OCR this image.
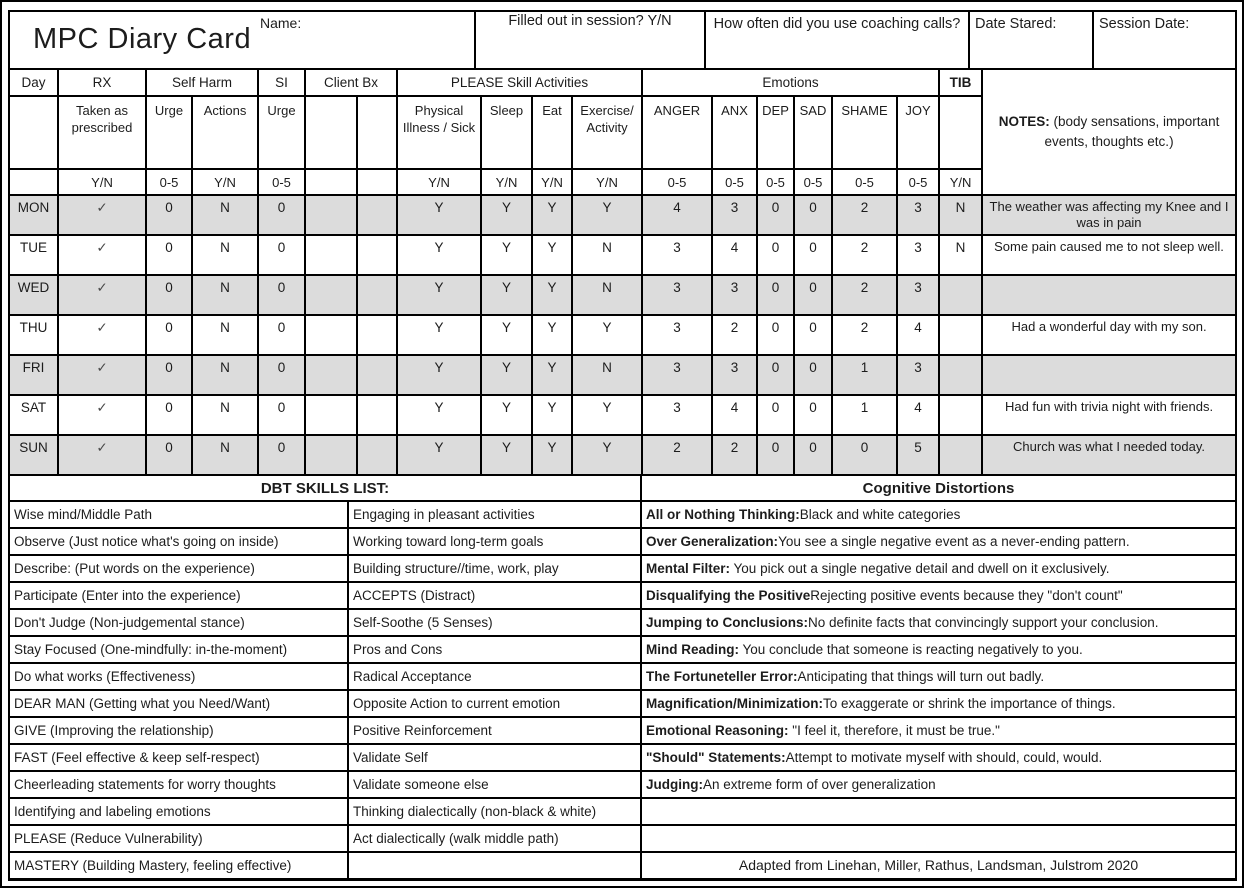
MPC Diary Card Name:	Filled out in session? Y/N	How often did you use coaching calls?	Date Stared:	Session Date:
Day	RX	Self Harm		SI	Client Bx		PLEASE Skill Activities				Emotions						TIB	NOTES: (body sensations, important events, thoughts etc.)
	Taken as prescribed	Urge	Actions	Urge			Physical Illness / Sick	Sleep	Eat	Exercise/ Activity	ANGER	ANX	DEP	SAD	SHAME	JOY		
	Y/N	0-5	Y/N	0-5			Y/N	Y/N	Y/N	Y/N	0-5	0-5	0-5	0-5	0-5	0-5	Y/N	
MON	✓	0	N	0			Y	Y	Y	Y	4	3	0	0	2	3	N	The weather was affecting my Knee and I was in pain
TUE	✓	0	N	0			Y	Y	Y	N	3	4	0	0	2	3	N	Some pain caused me to not sleep well.
WED	✓	0	N	0			Y	Y	Y	N	3	3	0	0	2	3		
THU	✓	0	N	0			Y	Y	Y	Y	3	2	0	0	2	4		Had a wonderful day with my son.
FRI	✓	0	N	0			Y	Y	Y	N	3	3	0	0	1	3		
SAT	✓	0	N	0			Y	Y	Y	Y	3	4	0	0	1	4		Had fun with trivia night with friends.
SUN	✓	0	N	0			Y	Y	Y	Y	2	2	0	0	0	5		Church was what I needed today.
DBT SKILLS LIST:		Cognitive Distortions
Wise mind/Middle Path	Engaging in pleasant activities	All or Nothing Thinking:Black and white categories
Observe (Just notice what's going on inside)	Working toward long-term goals	Over Generalization:You see a single negative event as a never-ending pattern.
Describe: (Put words on the experience)	Building structure//time, work, play	Mental Filter: You pick out a single negative detail and dwell on it exclusively.
Participate (Enter into the experience)	ACCEPTS (Distract)	Disqualifying the PositiveRejecting positive events because they "don't count"
Don't Judge (Non-judgemental stance)	Self-Soothe (5 Senses)	Jumping to Conclusions:No definite facts that convincingly support your conclusion.
Stay Focused (One-mindfully: in-the-moment)	Pros and Cons	Mind Reading: You conclude that someone is reacting negatively to you.
Do what works (Effectiveness)	Radical Acceptance	The Fortuneteller Error:Anticipating that things will turn out badly.
DEAR MAN (Getting what you Need/Want)	Opposite Action to current emotion	Magnification/Minimization:To exaggerate or shrink the importance of things.
GIVE (Improving the relationship)	Positive Reinforcement	Emotional Reasoning: "I feel it, therefore, it must be true."
FAST (Feel effective & keep self-respect)	Validate Self	"Should" Statements:Attempt to motivate myself with should, could, would.
Cheerleading statements for worry thoughts	Validate someone else	Judging:An extreme form of over generalization
Identifying and labeling emotions	Thinking dialectically (non-black & white)	
PLEASE (Reduce Vulnerability)	Act dialectically (walk middle path)	
MASTERY (Building Mastery, feeling effective)		Adapted from Linehan, Miller, Rathus, Landsman, Julstrom 2020
